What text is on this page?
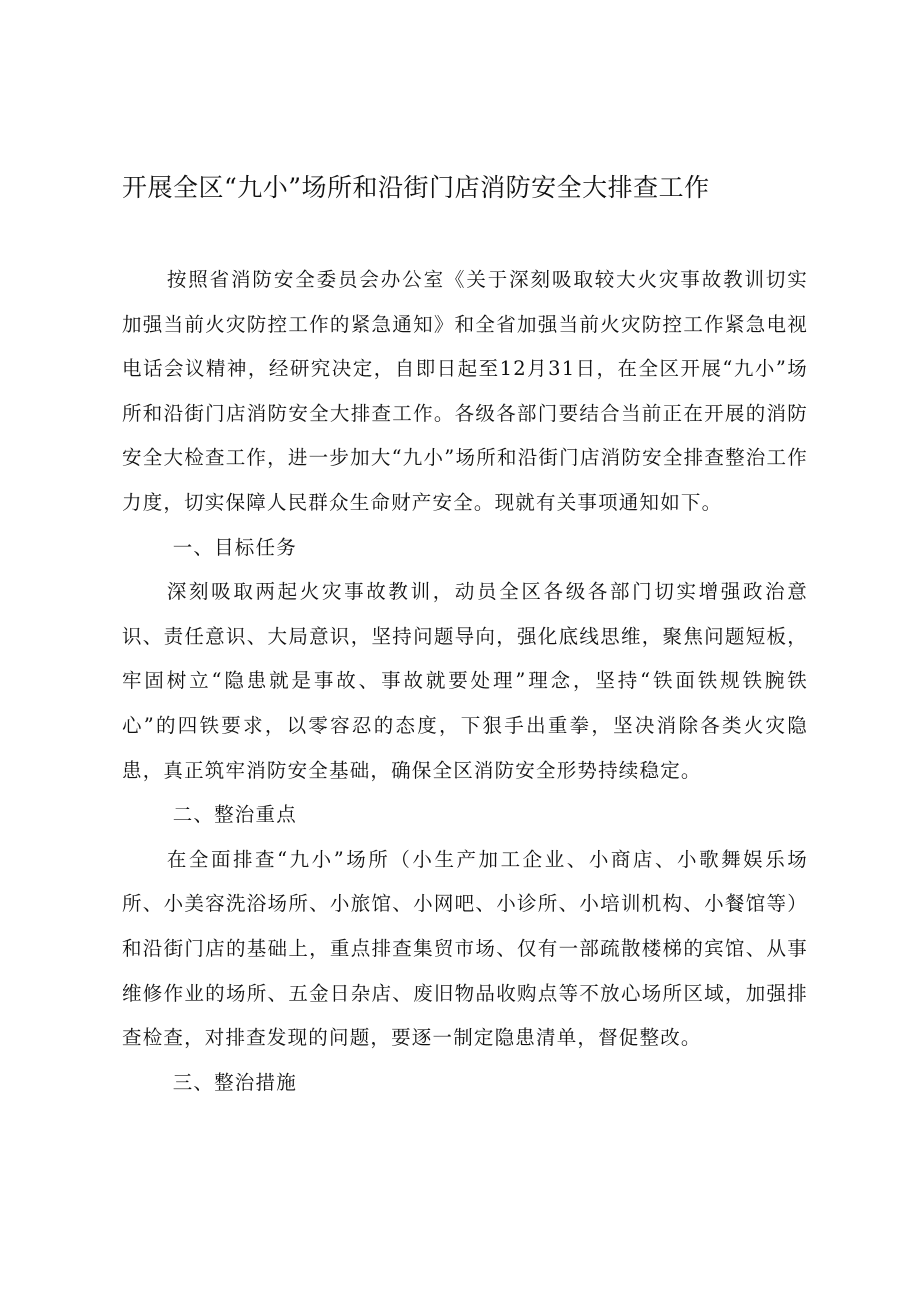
开展全区“九小”场所和沿街门店消防安全大排查工作

按照省消防安全委员会办公室《关于深刻吸取较大火灾事故教训切实加强当前火灾防控工作的紧急通知》和全省加强当前火灾防控工作紧急电视电话会议精神，经研究决定，自即日起至12月31日，在全区开展“九小”场所和沿街门店消防安全大排查工作。各级各部门要结合当前正在开展的消防安全大检查工作，进一步加大“九小”场所和沿街门店消防安全排查整治工作力度，切实保障人民群众生命财产安全。现就有关事项通知如下。

一、目标任务

深刻吸取两起火灾事故教训，动员全区各级各部门切实增强政治意识、责任意识、大局意识，坚持问题导向，强化底线思维，聚焦问题短板，牢固树立“隐患就是事故、事故就要处理”理念，坚持“铁面铁规铁腕铁心”的四铁要求，以零容忍的态度，下狠手出重拳，坚决消除各类火灾隐患，真正筑牢消防安全基础，确保全区消防安全形势持续稳定。

二、整治重点

在全面排查“九小”场所（小生产加工企业、小商店、小歌舞娱乐场所、小美容洗浴场所、小旅馆、小网吧、小诊所、小培训机构、小餐馆等）和沿街门店的基础上，重点排查集贸市场、仅有一部疏散楼梯的宾馆、从事维修作业的场所、五金日杂店、废旧物品收购点等不放心场所区域，加强排查检查，对排查发现的问题，要逐一制定隐患清单，督促整改。

三、整治措施
